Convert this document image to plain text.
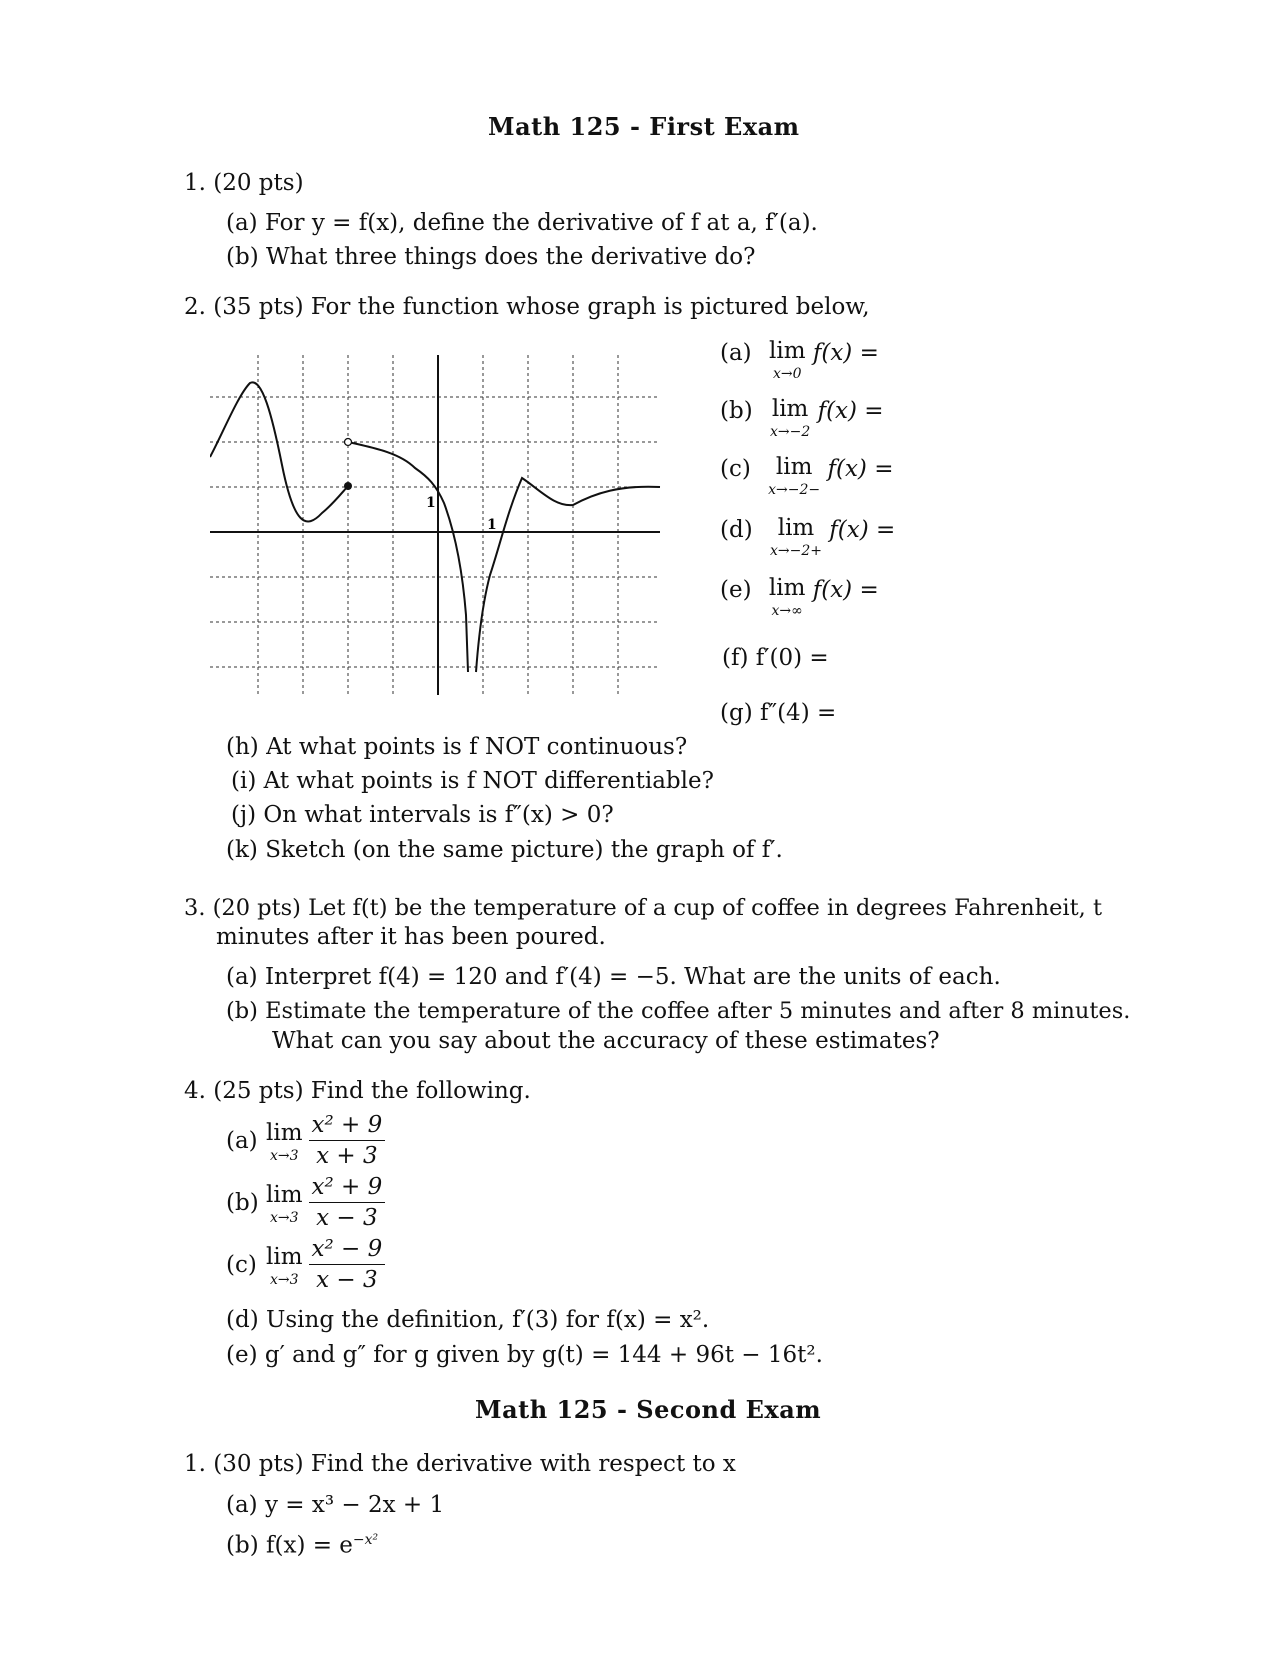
Math 125 - First Exam
1. (20 pts)
(a) For y = f(x), define the derivative of f at a, f′(a).
(b) What three things does the derivative do?
2. (35 pts) For the function whose graph is pictured below,
1
1
(a) lim
x→0
f(x) =
(b) lim
x→−2
f(x) =
(c)	lim
x→−2−
f(x) =
(d)	lim
x→−2+
f(x) =
(e) lim
x→∞
f(x) =
(f) f′(0) =
(g) f″(4) =
(h) At what points is f NOT continuous?
(i) At what points is f NOT differentiable?
(j) On what intervals is f″(x) > 0?
(k) Sketch (on the same picture) the graph of f′.
3. (20 pts) Let f(t) be the temperature of a cup of coffee in degrees Fahrenheit, t
minutes after it has been poured.
(a) Interpret f(4) = 120 and f′(4) = −5. What are the units of each.
(b) Estimate the temperature of the coffee after 5 minutes and after 8 minutes.
What can you say about the accuracy of these estimates?
4. (25 pts) Find the following.
(a) lim
$x\to 3 \frac{\text{x² + 9}}{x + 3}$
(b) lim
$x\to 3 \frac{\text{x² + 9}}{x - 3}$
(c) lim
$x\to 3 \frac{\text{x² − 9}}{x - 3}$
(d) Using the definition, f′(3) for f(x) = x².
(e) g′ and g″ for g given by g(t) = 144 + 96t − 16t².
Math 125 - Second Exam
1. (30 pts) Find the derivative with respect to x
(a) y = x³ − 2x + 1
(b) $f(x) = e^{-x^2}$
